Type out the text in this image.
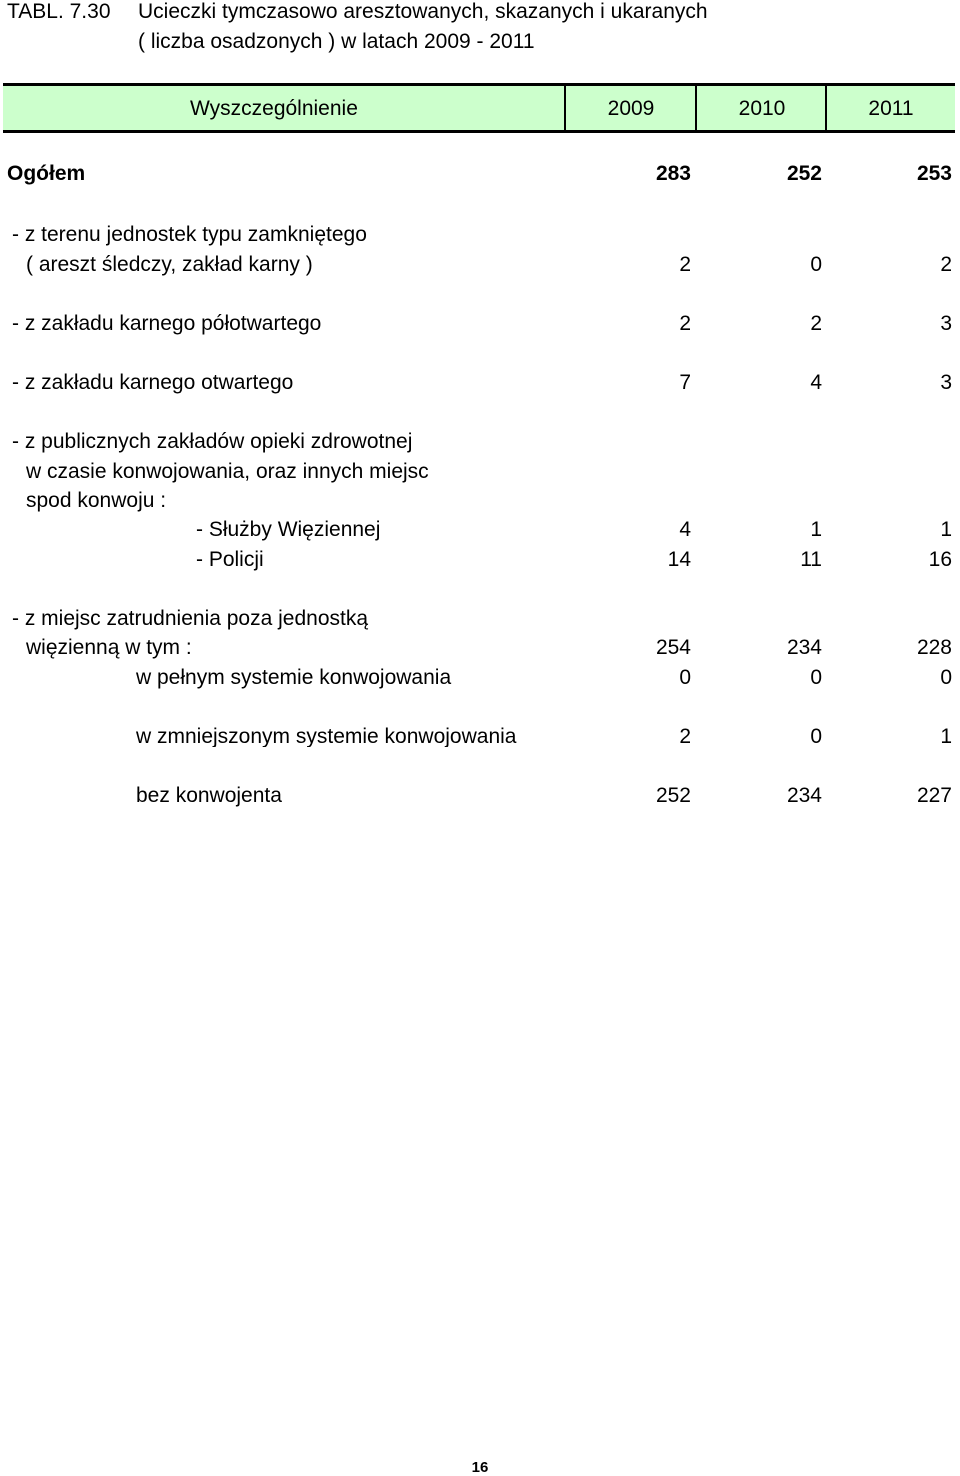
TABL. 7.30 Ucieczki tymczasowo aresztowanych, skazanych i ukaranych
( liczba osadzonych ) w latach 2009 - 2011
Wyszczególnienie	2009	2010	2011
Ogółem	283	252	253
- z terenu jednostek typu zamkniętego
( areszt śledczy, zakład karny )	2	0	2
- z zakładu karnego półotwartego	2	2	3
- z zakładu karnego otwartego	7	4	3
- z publicznych zakładów opieki zdrowotnej
w czasie konwojowania, oraz innych miejsc
spod konwoju :
- Służby Więziennej	4	1	1
- Policji	14	11	16
- z miejsc zatrudnienia poza jednostką
więzienną w tym :	254	234	228
w pełnym systemie konwojowania	0	0	0
w zmniejszonym systemie konwojowania	2	0	1
bez konwojenta	252	234	227
16
